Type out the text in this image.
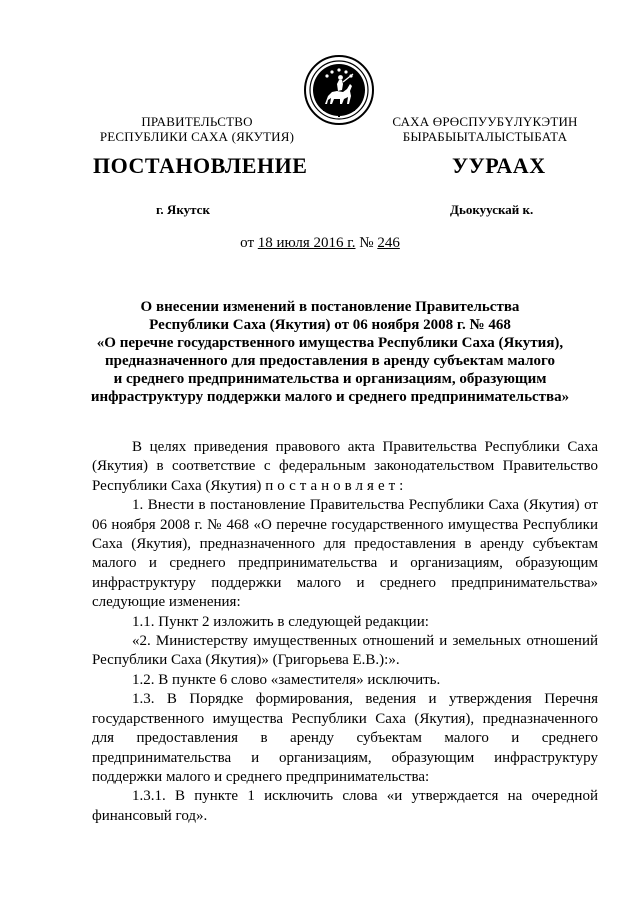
ПРАВИТЕЛЬСТВО
РЕСПУБЛИКИ САХА (ЯКУТИЯ)
САХА ӨРӨСПУУБҮЛҮКЭТИН
БЫРАБЫЫТАЛЫСТЫБАТА
ПОСТАНОВЛЕНИЕ	УУРААХ
г. Якутск	Дьокуускай к.
от 18 июля 2016 г. № 246
О внесении изменений в постановление Правительства
Республики Саха (Якутия) от 06 ноября 2008 г. № 468
«О перечне государственного имущества Республики Саха (Якутия),
предназначенного для предоставления в аренду субъектам малого
и среднего предпринимательства и организациям, образующим
инфраструктуру поддержки малого и среднего предпринимательства»

В целях приведения правового акта Правительства Республики Саха (Якутия) в соответствие с федеральным законодательством Правительство Республики Саха (Якутия) постановляет:

1. Внести в постановление Правительства Республики Саха (Якутия) от 06 ноября 2008 г. № 468 «О перечне государственного имущества Республики Саха (Якутия), предназначенного для предоставления в аренду субъектам малого и среднего предпринимательства и организациям, образующим инфраструктуру поддержки малого и среднего предпринимательства» следующие изменения:

1.1. Пункт 2 изложить в следующей редакции:

«2. Министерству имущественных отношений и земельных отношений Республики Саха (Якутия)» (Григорьева Е.В.):».

1.2. В пункте 6 слово «заместителя» исключить.

1.3. В Порядке формирования, ведения и утверждения Перечня государственного имущества Республики Саха (Якутия), предназначенного для предоставления в аренду субъектам малого и среднего предпринимательства и организациям, образующим инфраструктуру поддержки малого и среднего предпринимательства:

1.3.1. В пункте 1 исключить слова «и утверждается на очередной финансовый год».
